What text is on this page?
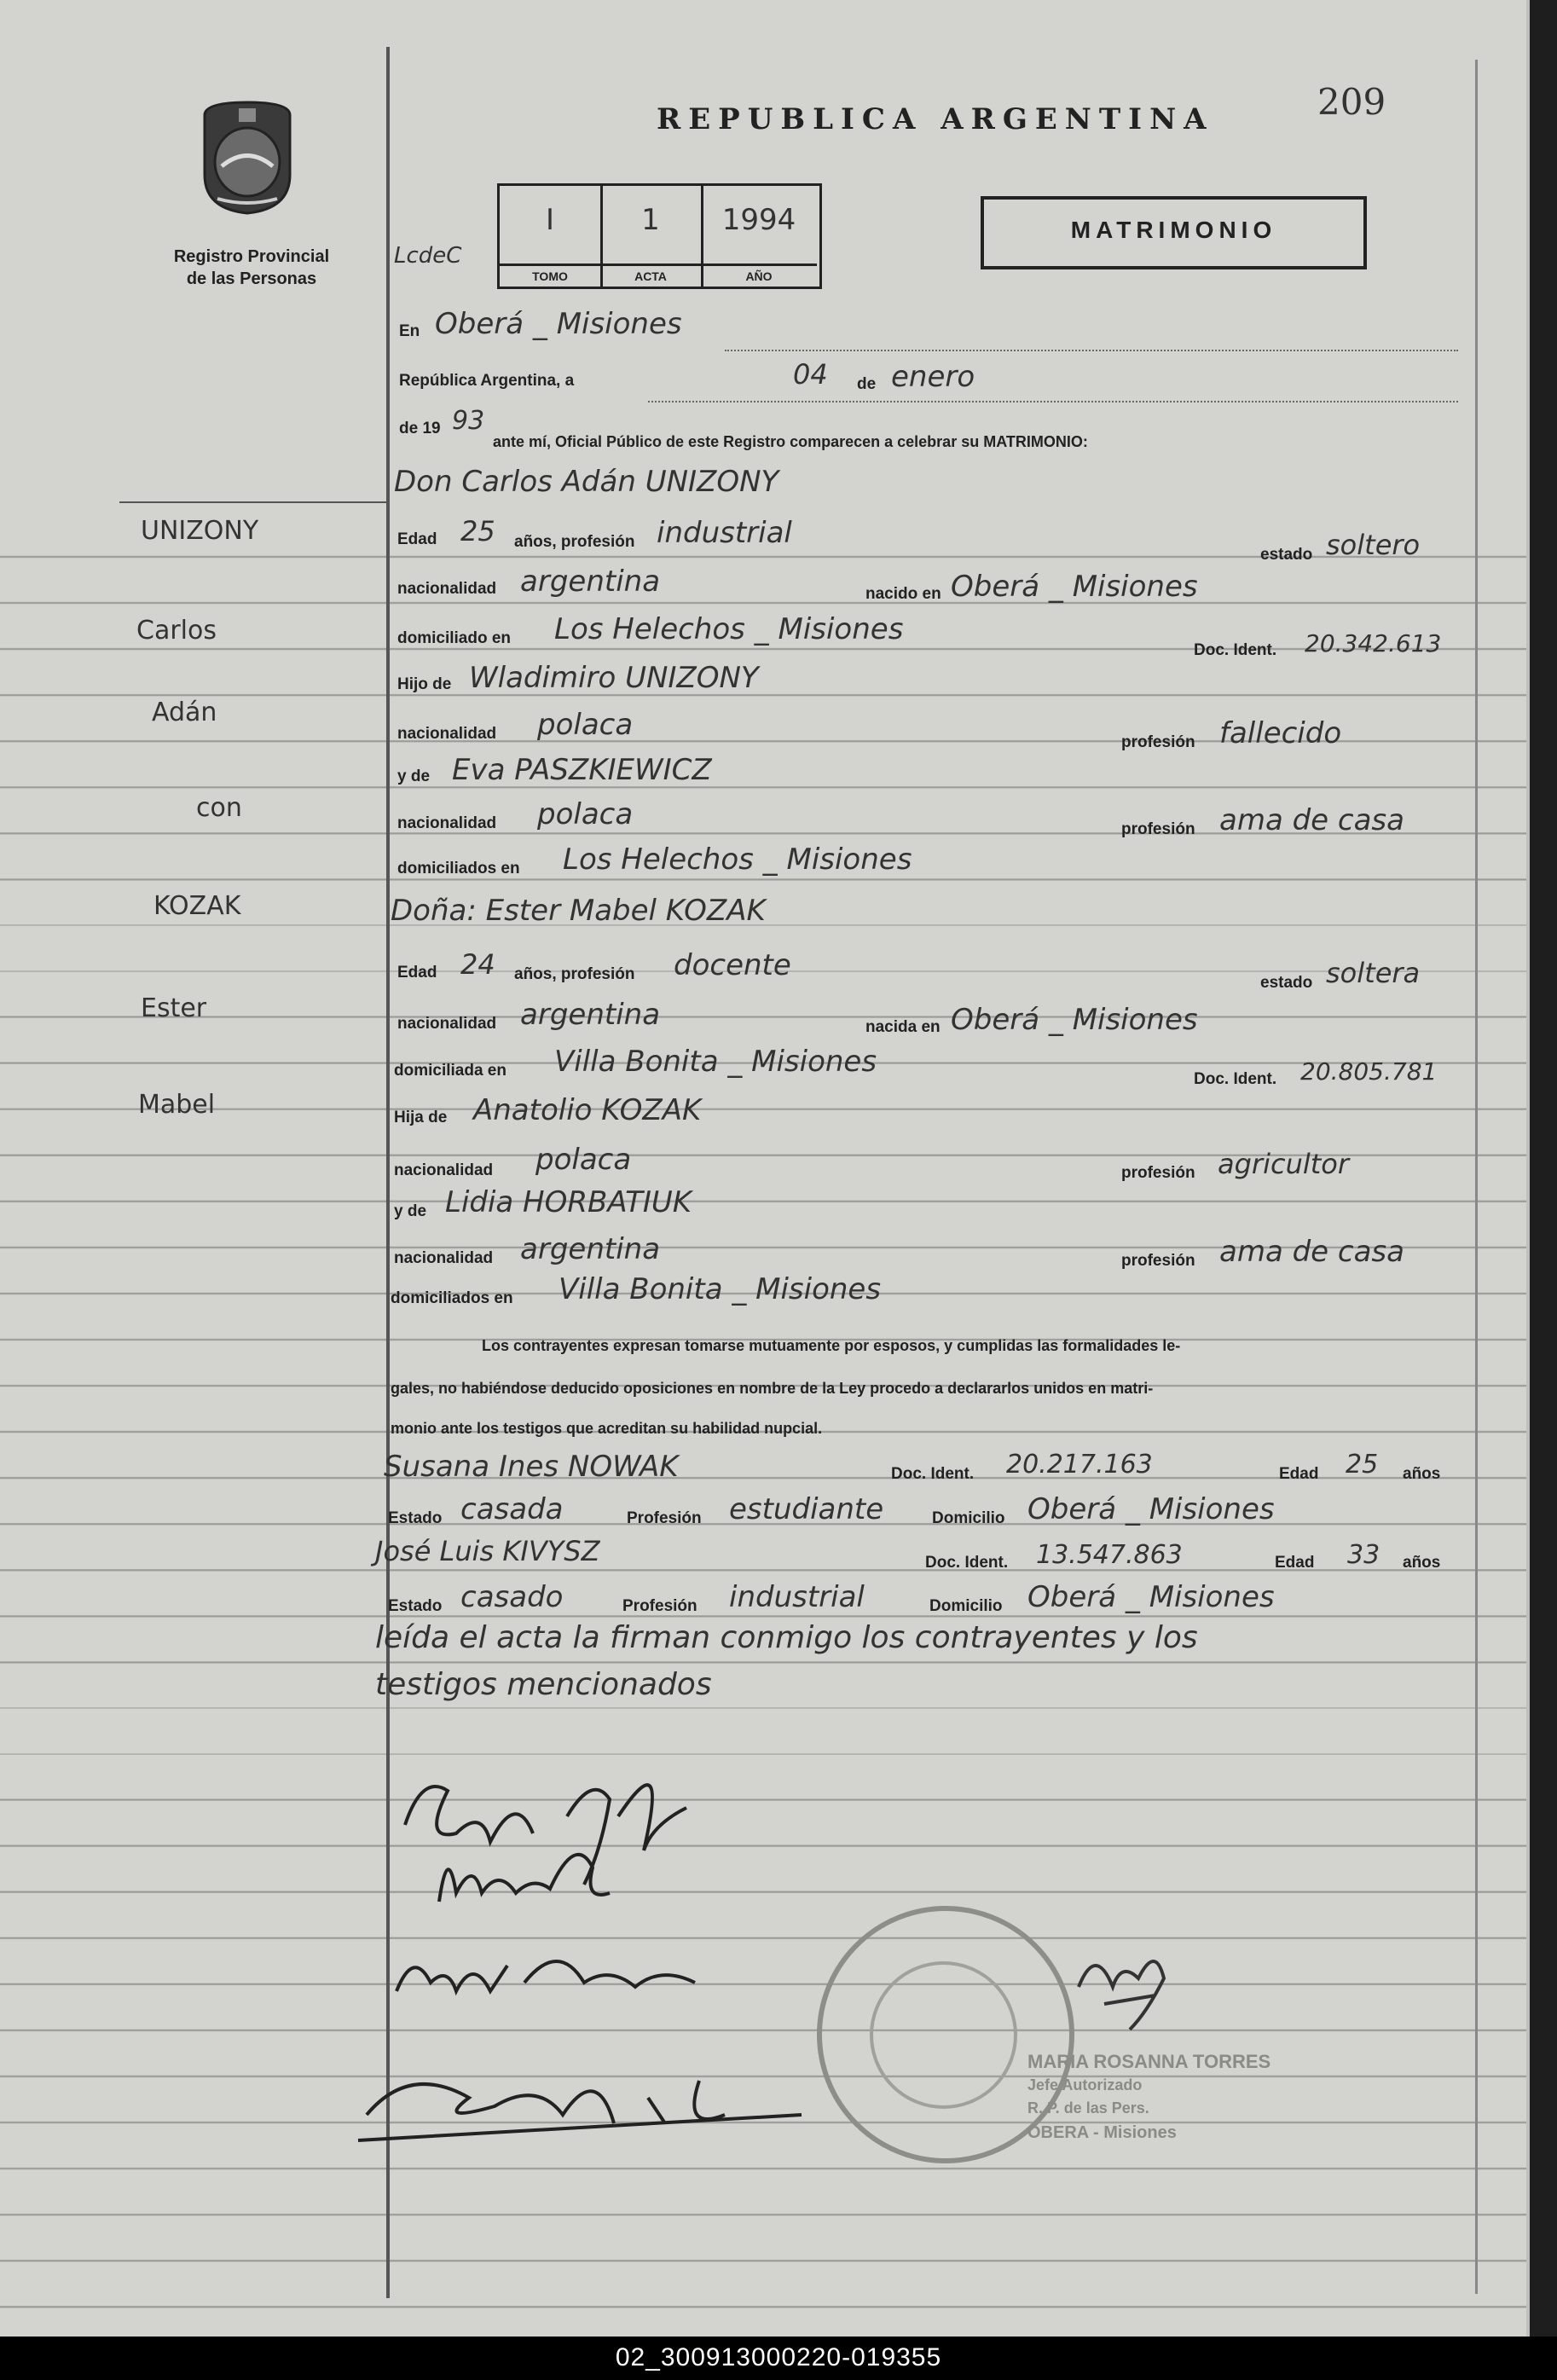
209
REPUBLICA ARGENTINA
Registro Provincial
de las Personas
LcdeC
I
TOMO
1
ACTA
1994
AÑO
MATRIMONIO
En Oberá _ Misiones
República Argentina, a	04 de enero
de 19 93
ante mí, Oficial Público de este Registro comparecen a celebrar su MATRIMONIO:
Don Carlos Adán UNIZONY
Edad 25 años, profesión industrial
estado soltero
nacionalidad argentina	nacido en Oberá _ Misiones
domiciliado en Los Helechos _ Misiones
Doc. Ident. 20.342.613
Hijo de Wladimiro UNIZONY
nacionalidad polaca
profesión fallecido
y de Eva PASZKIEWICZ
nacionalidad polaca	profesión ama de casa
domiciliados en Los Helechos _ Misiones
Doña: Ester Mabel KOZAK
Edad 24 años, profesión docente
estado soltera
nacionalidad argentina	nacida en Oberá _ Misiones
domiciliada en Villa Bonita _ Misiones
Doc. Ident. 20.805.781
Hija de Anatolio KOZAK
nacionalidad polaca	profesión agricultor
y de Lidia HORBATIUK
nacionalidad argentina	profesión ama de casa
domiciliados en Villa Bonita _ Misiones
UNIZONY
Carlos
Adán
con
KOZAK
Ester
Mabel
Los contrayentes expresan tomarse mutuamente por esposos, y cumplidas las formalidades le-
gales, no habiéndose deducido oposiciones en nombre de la Ley procedo a declararlos unidos en matri-
monio ante los testigos que acreditan su habilidad nupcial.
Susana Ines NOWAK	Doc. Ident. 20.217.163	Edad 25 años
Estado casada	Profesión estudiante	Domicilio Oberá _ Misiones
José Luis KIVYSZ	Doc. Ident. 13.547.863	Edad 33 años
Estado casado	Profesión industrial	Domicilio Oberá _ Misiones
leída el acta la firman conmigo los contrayentes y los
testigos mencionados
MARIA ROSANNA TORRES
Jefe Autorizado
R. P. de las Pers.
OBERA - Misiones
02_300913000220-019355
